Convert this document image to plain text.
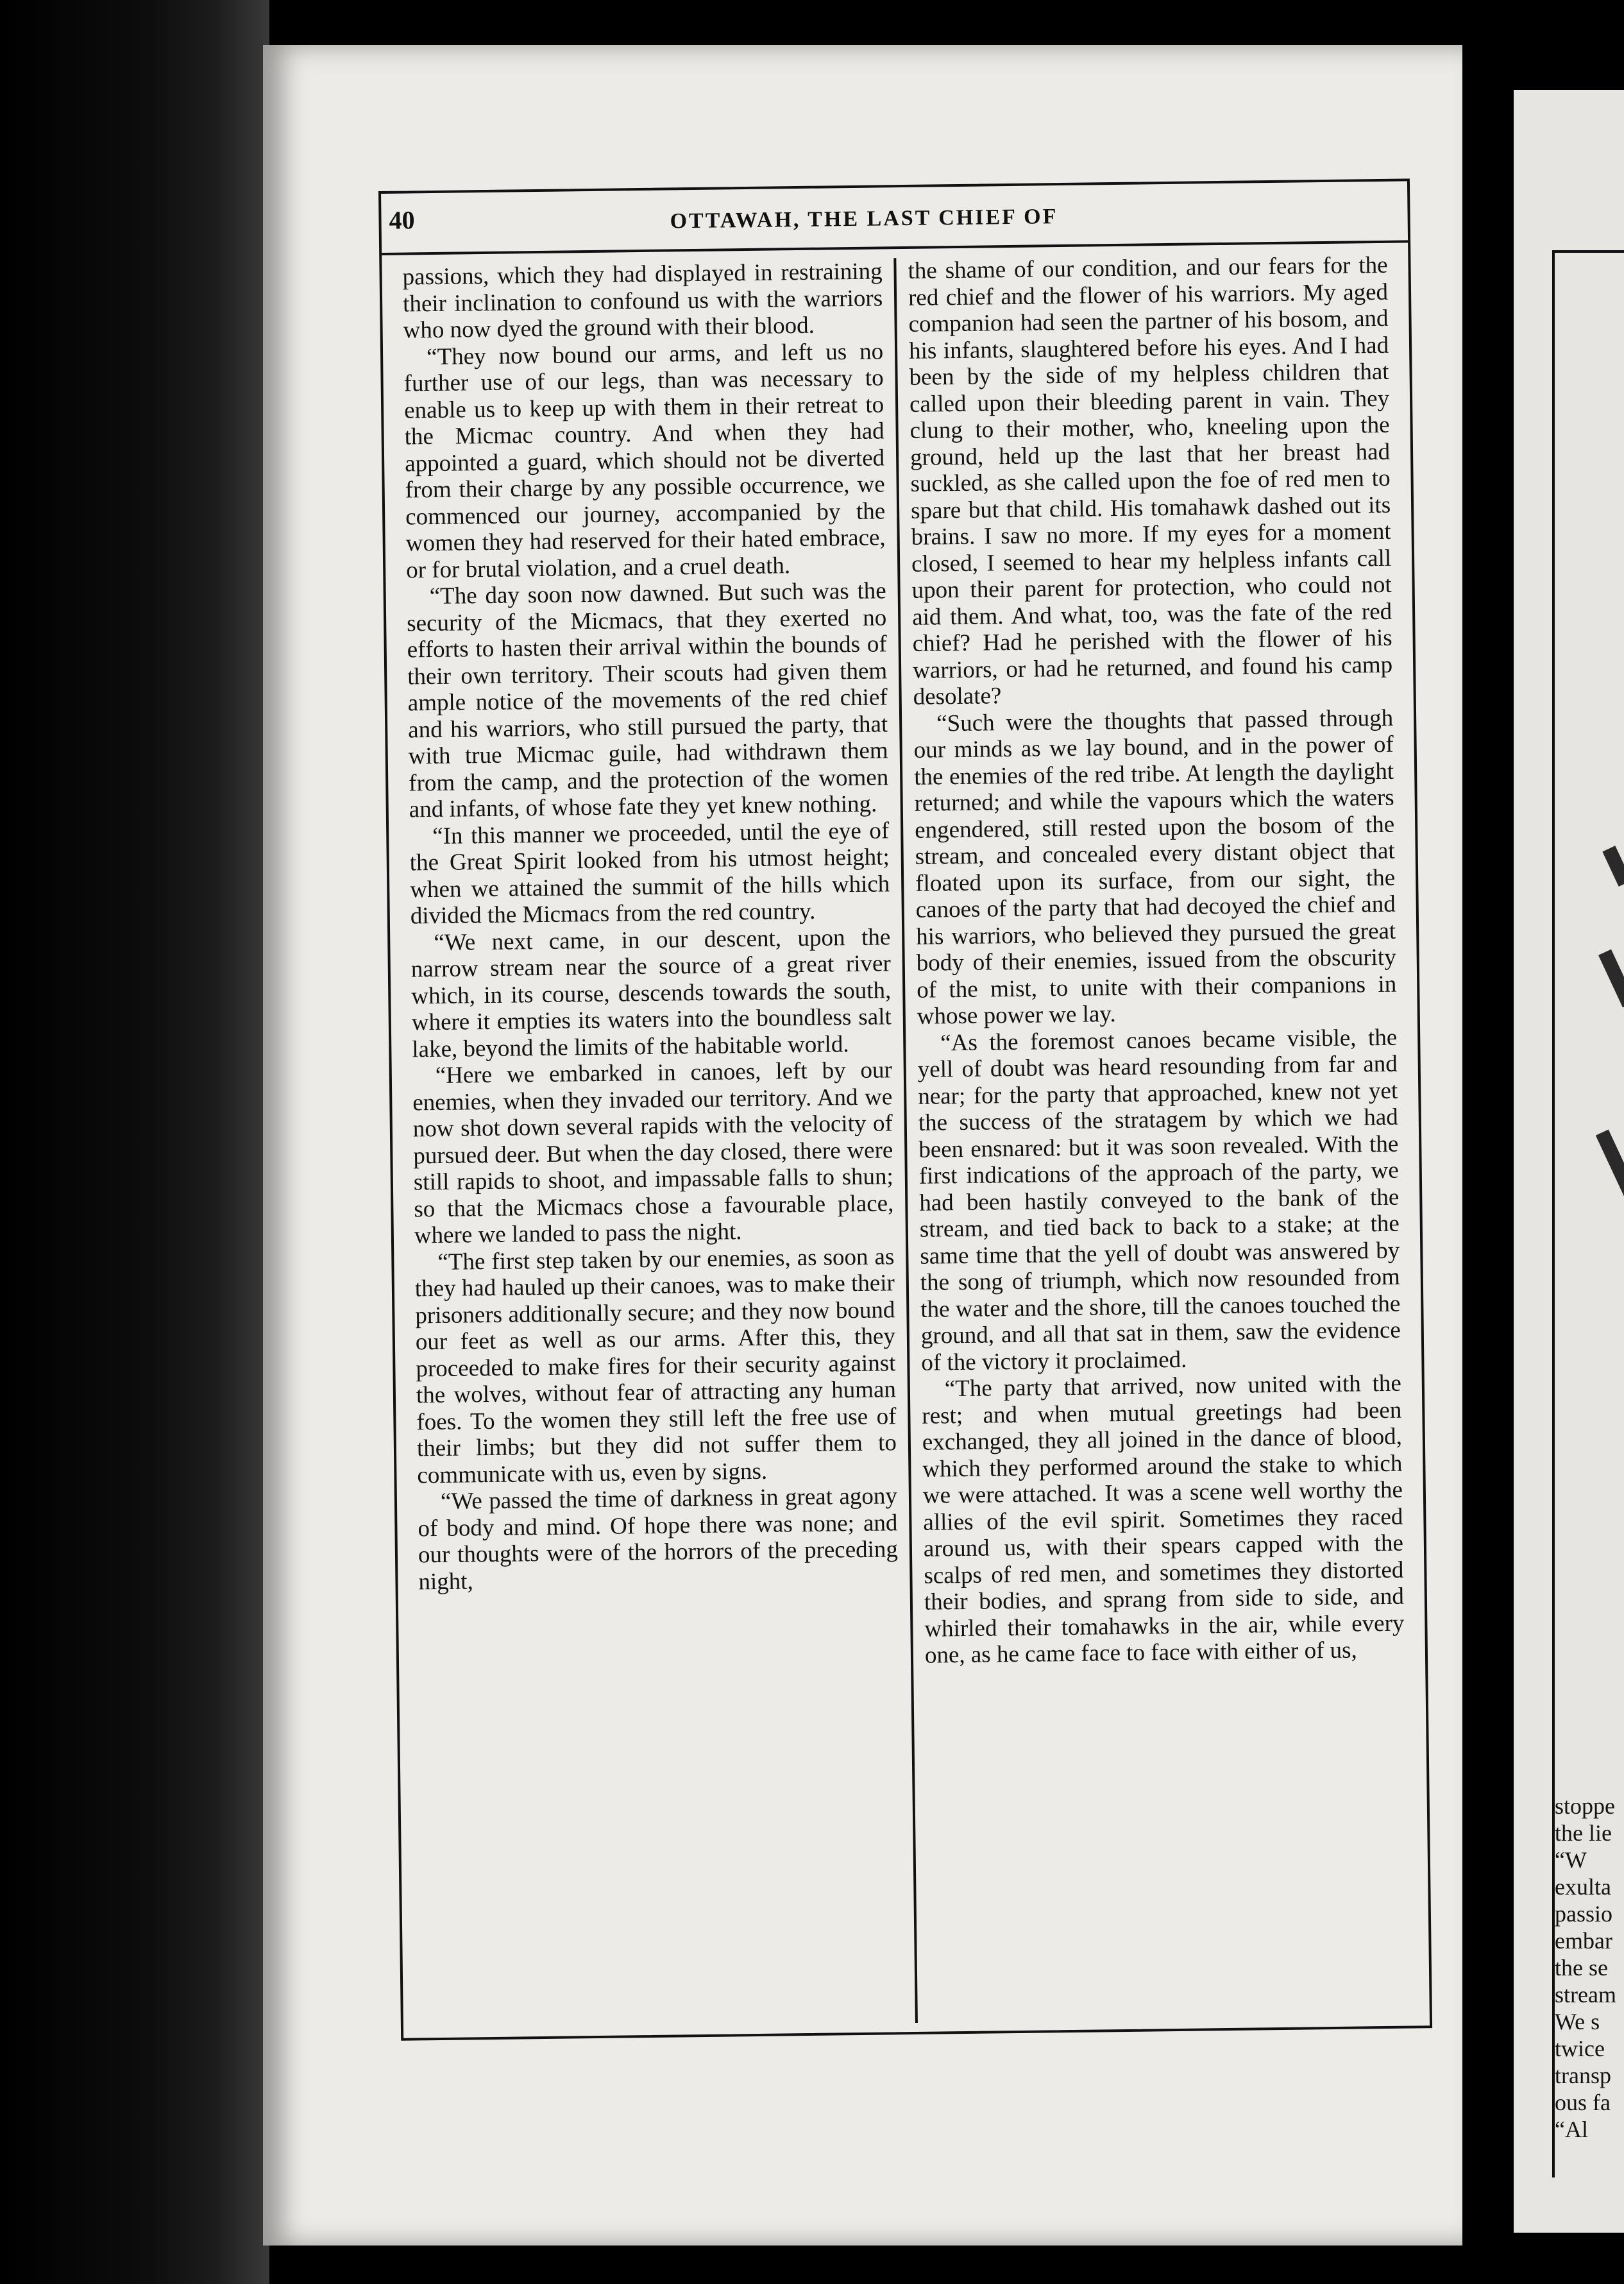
40	OTTAWAH, THE LAST CHIEF OF

passions, which they had displayed in restraining their inclination to confound us with the warriors who now dyed the ground with their blood.

“They now bound our arms, and left us no further use of our legs, than was necessary to enable us to keep up with them in their retreat to the Micmac country. And when they had appointed a guard, which should not be diverted from their charge by any possible occurrence, we commenced our journey, accompanied by the women they had reserved for their hated embrace, or for brutal violation, and a cruel death.

“The day soon now dawned. But such was the security of the Micmacs, that they exerted no efforts to hasten their arrival within the bounds of their own territory. Their scouts had given them ample notice of the movements of the red chief and his warriors, who still pursued the party, that with true Micmac guile, had withdrawn them from the camp, and the protection of the women and infants, of whose fate they yet knew nothing.

“In this manner we proceeded, until the eye of the Great Spirit looked from his utmost height; when we attained the summit of the hills which divided the Micmacs from the red country.

“We next came, in our descent, upon the narrow stream near the source of a great river which, in its course, descends towards the south, where it empties its waters into the boundless salt lake, beyond the limits of the habitable world.

“Here we embarked in canoes, left by our enemies, when they invaded our territory. And we now shot down several rapids with the velocity of pursued deer. But when the day closed, there were still rapids to shoot, and impassable falls to shun; so that the Micmacs chose a favourable place, where we landed to pass the night.

“The first step taken by our enemies, as soon as they had hauled up their canoes, was to make their prisoners additionally secure; and they now bound our feet as well as our arms. After this, they proceeded to make fires for their security against the wolves, without fear of attracting any human foes. To the women they still left the free use of their limbs; but they did not suffer them to communicate with us, even by signs.

“We passed the time of darkness in great agony of body and mind. Of hope there was none; and our thoughts were of the horrors of the preceding night,

the shame of our condition, and our fears for the red chief and the flower of his warriors. My aged companion had seen the partner of his bosom, and his infants, slaughtered before his eyes. And I had been by the side of my helpless children that called upon their bleeding parent in vain. They clung to their mother, who, kneeling upon the ground, held up the last that her breast had suckled, as she called upon the foe of red men to spare but that child. His tomahawk dashed out its brains. I saw no more. If my eyes for a moment closed, I seemed to hear my helpless infants call upon their parent for protection, who could not aid them. And what, too, was the fate of the red chief? Had he perished with the flower of his warriors, or had he returned, and found his camp desolate?

“Such were the thoughts that passed through our minds as we lay bound, and in the power of the enemies of the red tribe. At length the daylight returned; and while the vapours which the waters engendered, still rested upon the bosom of the stream, and concealed every distant object that floated upon its surface, from our sight, the canoes of the party that had decoyed the chief and his warriors, who believed they pursued the great body of their enemies, issued from the obscurity of the mist, to unite with their companions in whose power we lay.

“As the foremost canoes became visible, the yell of doubt was heard resounding from far and near; for the party that approached, knew not yet the success of the stratagem by which we had been ensnared: but it was soon revealed. With the first indications of the approach of the party, we had been hastily conveyed to the bank of the stream, and tied back to back to a stake; at the same time that the yell of doubt was answered by the song of triumph, which now resounded from the water and the shore, till the canoes touched the ground, and all that sat in them, saw the evidence of the victory it proclaimed.

“The party that arrived, now united with the rest; and when mutual greetings had been exchanged, they all joined in the dance of blood, which they performed around the stake to which we were attached. It was a scene well worthy the allies of the evil spirit. Sometimes they raced around us, with their spears capped with the scalps of red men, and sometimes they distorted their bodies, and sprang from side to side, and whirled their tomahawks in the air, while every one, as he came face to face with either of us,

stoppe
the lie
“W
exulta
passio
embar
the se
stream
We s
twice
transp
ous fa
“Al
